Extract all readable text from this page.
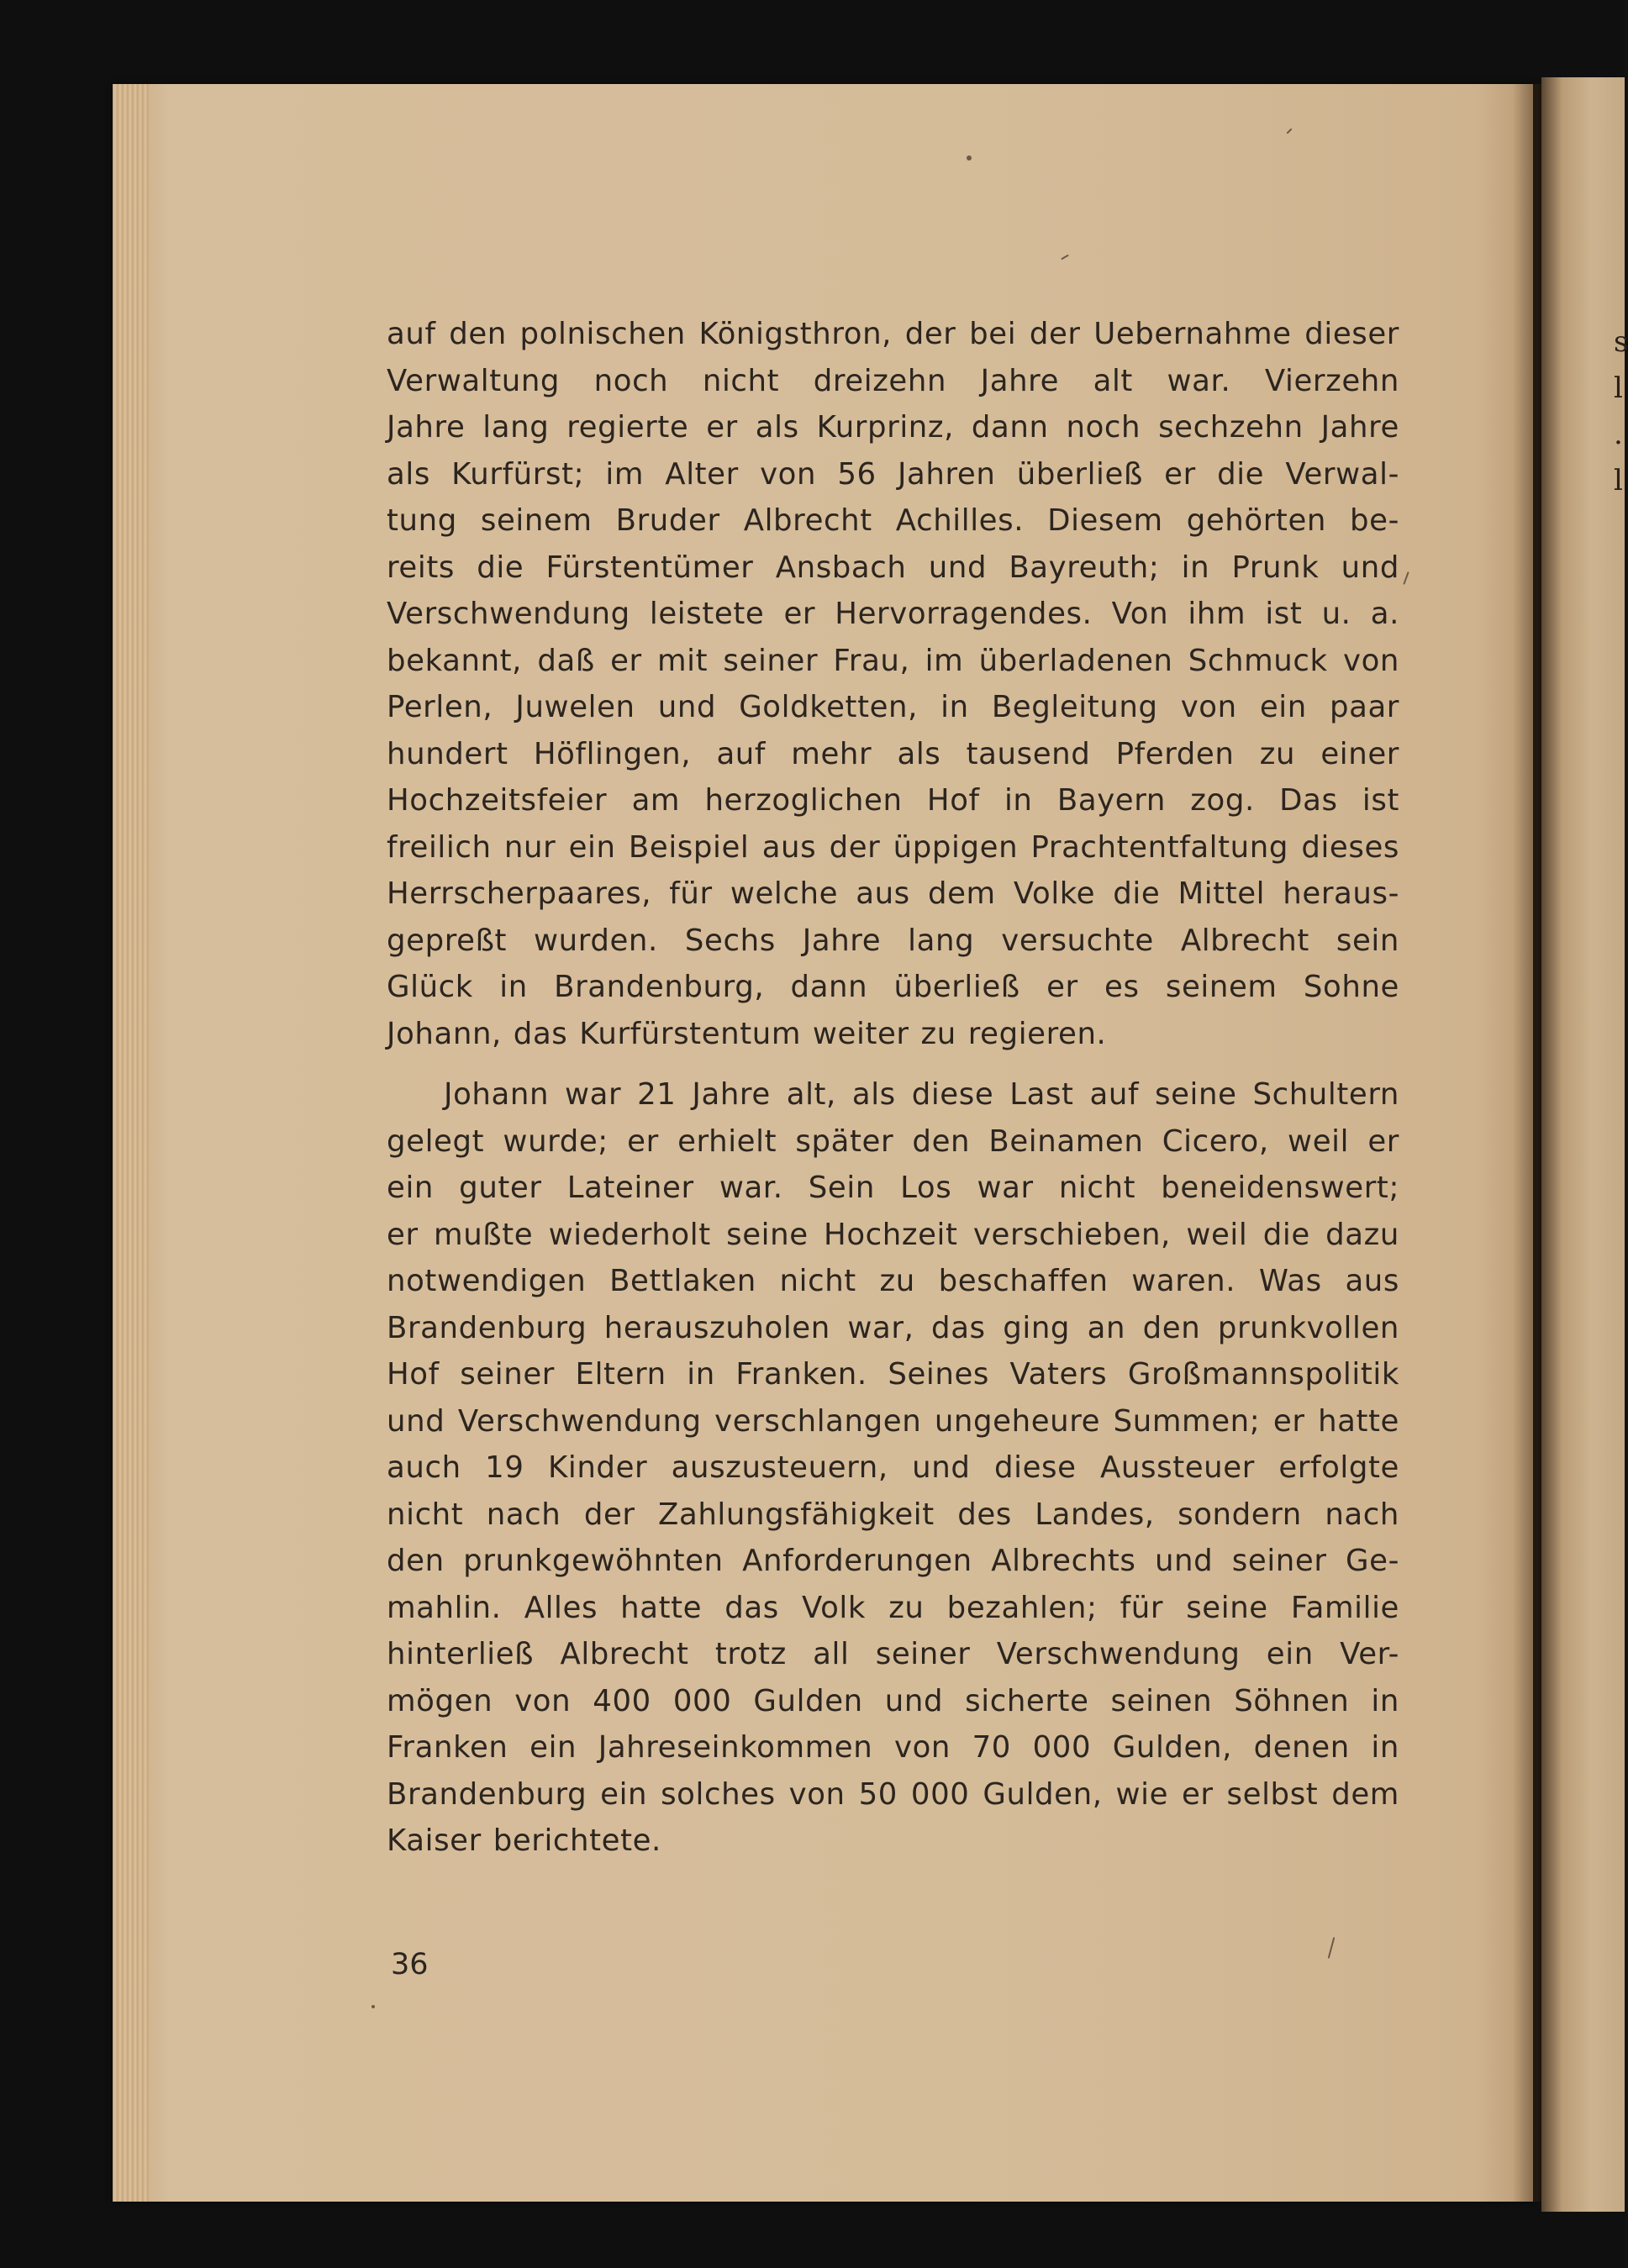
s
l
.
l
auf den polnischen Königsthron, der bei der Uebernahme dieser
Verwaltung noch nicht dreizehn Jahre alt war. Vierzehn
Jahre lang regierte er als Kurprinz, dann noch sechzehn Jahre
als Kurfürst; im Alter von 56 Jahren überließ er die Verwal-
tung seinem Bruder Albrecht Achilles. Diesem gehörten be-
reits die Fürstentümer Ansbach und Bayreuth; in Prunk und
Verschwendung leistete er Hervorragendes. Von ihm ist u. a.
bekannt, daß er mit seiner Frau, im überladenen Schmuck von
Perlen, Juwelen und Goldketten, in Begleitung von ein paar
hundert Höflingen, auf mehr als tausend Pferden zu einer
Hochzeitsfeier am herzoglichen Hof in Bayern zog. Das ist
freilich nur ein Beispiel aus der üppigen Prachtentfaltung dieses
Herrscherpaares, für welche aus dem Volke die Mittel heraus-
gepreßt wurden. Sechs Jahre lang versuchte Albrecht sein
Glück in Brandenburg, dann überließ er es seinem Sohne
Johann, das Kurfürstentum weiter zu regieren.
Johann war 21 Jahre alt, als diese Last auf seine Schultern
gelegt wurde; er erhielt später den Beinamen Cicero, weil er
ein guter Lateiner war. Sein Los war nicht beneidenswert;
er mußte wiederholt seine Hochzeit verschieben, weil die dazu
notwendigen Bettlaken nicht zu beschaffen waren. Was aus
Brandenburg herauszuholen war, das ging an den prunkvollen
Hof seiner Eltern in Franken. Seines Vaters Großmannspolitik
und Verschwendung verschlangen ungeheure Summen; er hatte
auch 19 Kinder auszusteuern, und diese Aussteuer erfolgte
nicht nach der Zahlungsfähigkeit des Landes, sondern nach
den prunkgewöhnten Anforderungen Albrechts und seiner Ge-
mahlin. Alles hatte das Volk zu bezahlen; für seine Familie
hinterließ Albrecht trotz all seiner Verschwendung ein Ver-
mögen von 400 000 Gulden und sicherte seinen Söhnen in
Franken ein Jahreseinkommen von 70 000 Gulden, denen in
Brandenburg ein solches von 50 000 Gulden, wie er selbst dem
Kaiser berichtete.
36
